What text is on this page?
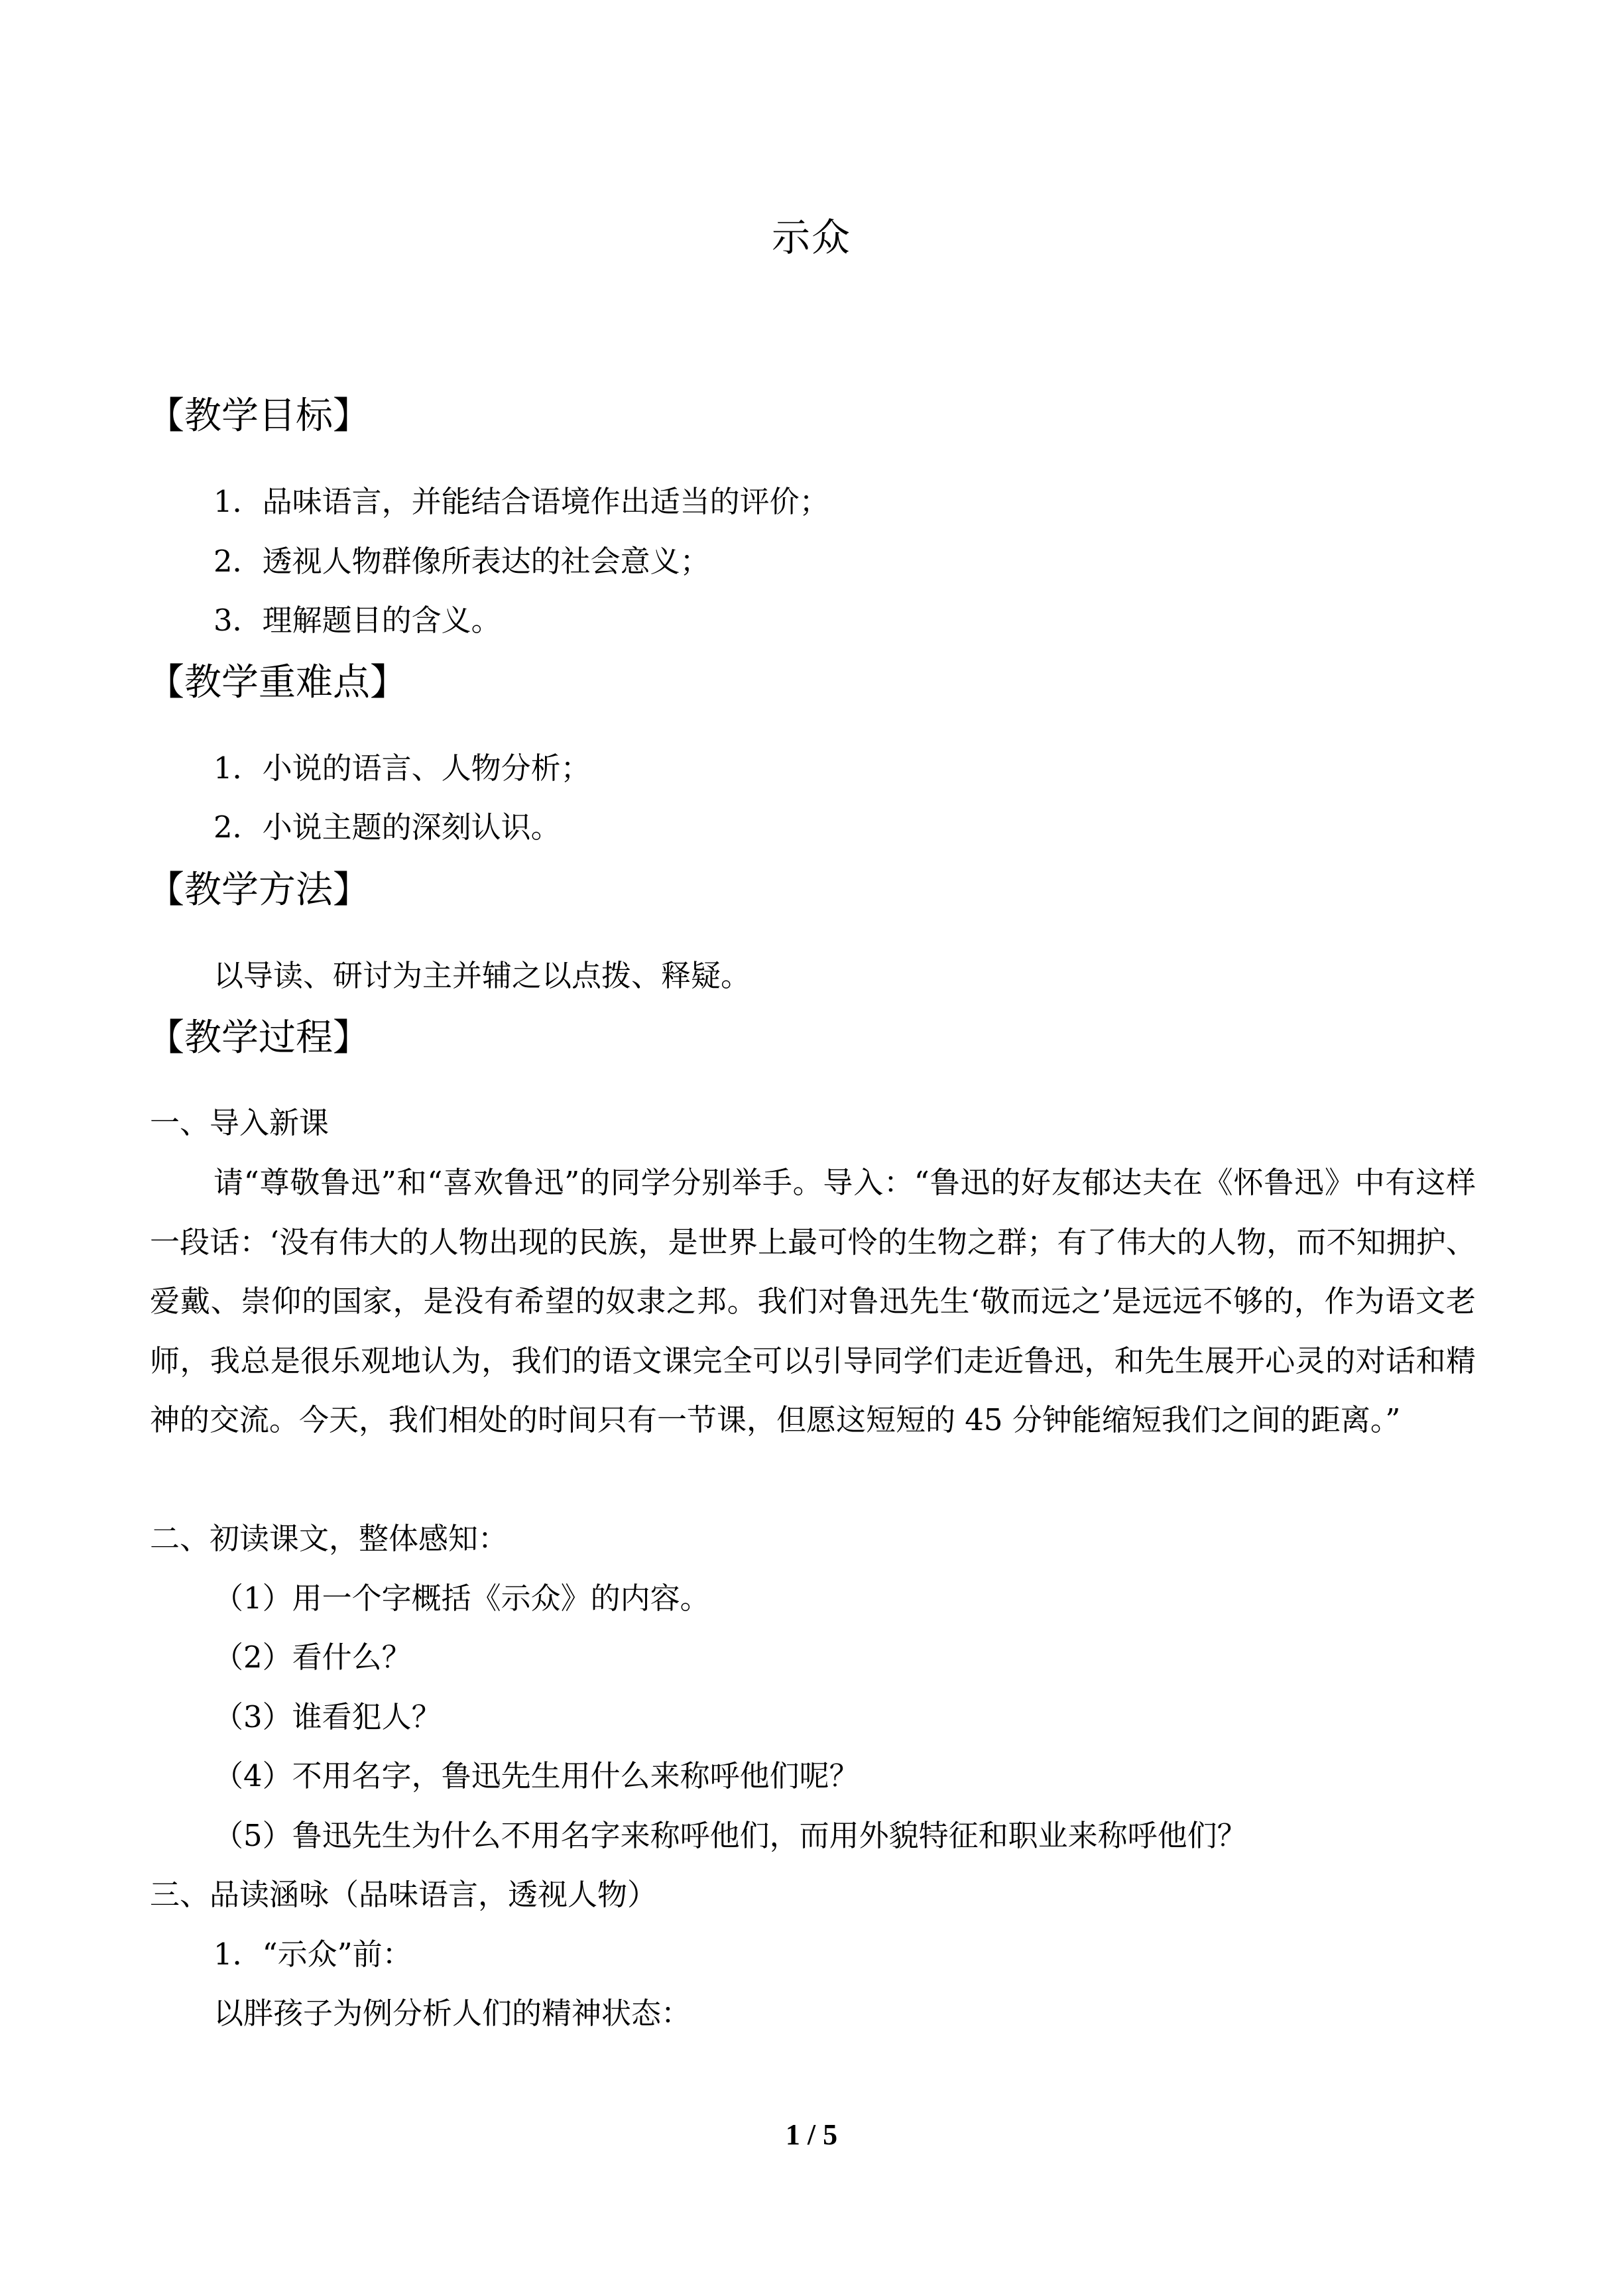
示众
【教学目标】
1．品味语言，并能结合语境作出适当的评价；
2．透视人物群像所表达的社会意义；
3．理解题目的含义。
【教学重难点】
1．小说的语言、人物分析；
2．小说主题的深刻认识。
【教学方法】
以导读、研讨为主并辅之以点拨、释疑。
【教学过程】
一、导入新课
请“尊敬鲁迅”和“喜欢鲁迅”的同学分别举手。导入：“鲁迅的好友郁达夫在《怀鲁迅》中有这样一段话：‘没有伟大的人物出现的民族，是世界上最可怜的生物之群；有了伟大的人物，而不知拥护、爱戴、崇仰的国家，是没有希望的奴隶之邦。我们对鲁迅先生‘敬而远之’是远远不够的，作为语文老师，我总是很乐观地认为，我们的语文课完全可以引导同学们走近鲁迅，和先生展开心灵的对话和精神的交流。今天，我们相处的时间只有一节课，但愿这短短的 45 分钟能缩短我们之间的距离。”
二、初读课文，整体感知：
（1）用一个字概括《示众》的内容。
（2）看什么？
（3）谁看犯人？
（4）不用名字，鲁迅先生用什么来称呼他们呢？
（5）鲁迅先生为什么不用名字来称呼他们，而用外貌特征和职业来称呼他们？
三、品读涵咏（品味语言，透视人物）
1．“示众”前：
以胖孩子为例分析人们的精神状态：
1 / 5
